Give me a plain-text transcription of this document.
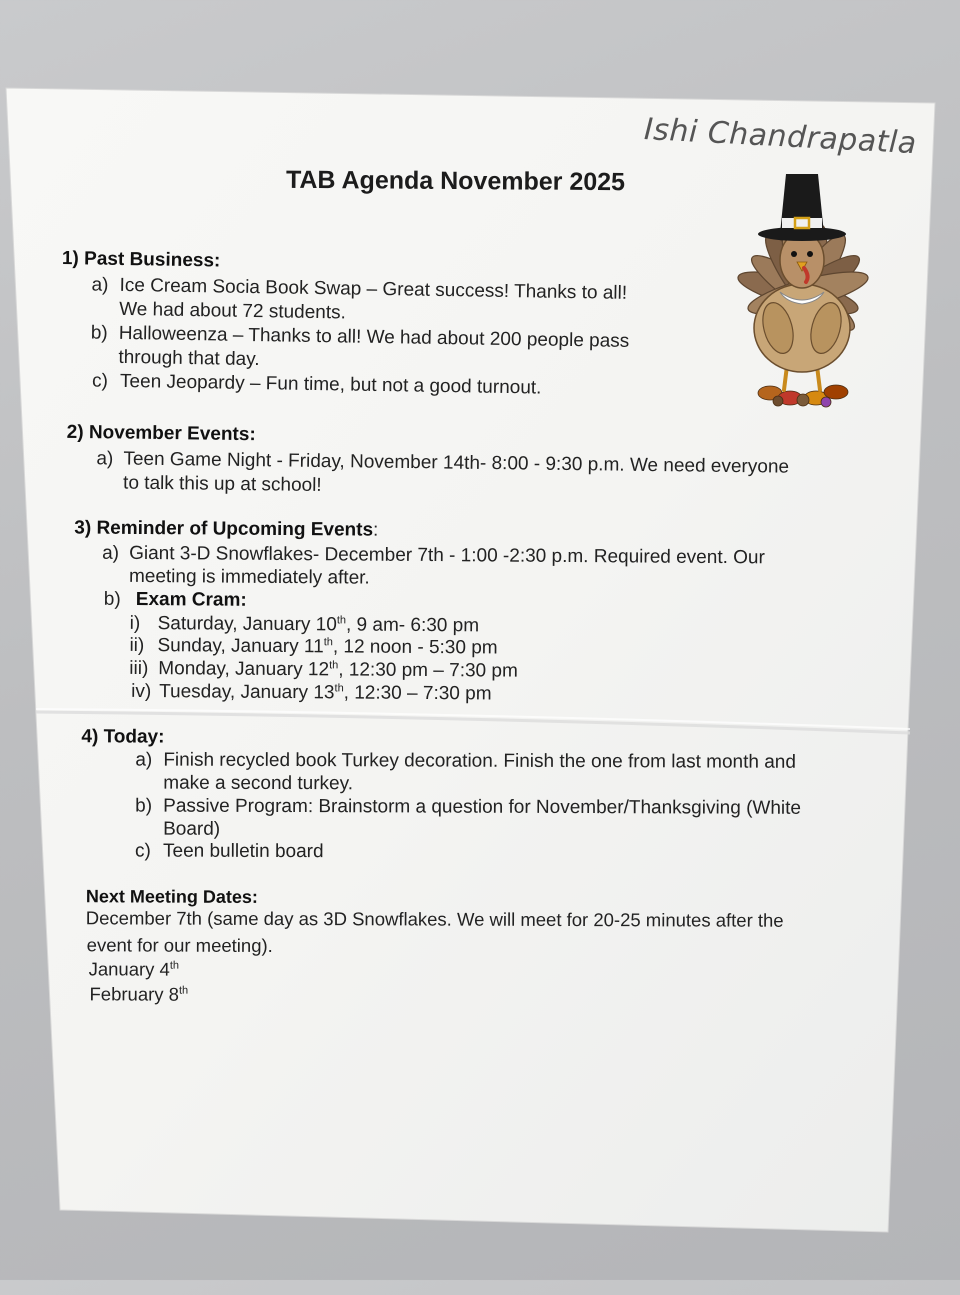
Ishi Chandrapatla
TAB Agenda November 2025
1) Past Business:
a) Ice Cream Socia Book Swap – Great success! Thanks to all!
We had about 72 students.
b) Halloweenza – Thanks to all! We had about 200 people pass
through that day.
c) Teen Jeopardy – Fun time, but not a good turnout.
2) November Events:
a) Teen Game Night - Friday, November 14th- 8:00 - 9:30 p.m. We need everyone
to talk this up at school!
3) Reminder of Upcoming Events:
a) Giant 3-D Snowflakes- December 7th - 1:00 -2:30 p.m. Required event. Our
meeting is immediately after.
b) Exam Cram:
i) Saturday, January 10th, 9 am- 6:30 pm
ii) Sunday, January 11th, 12 noon - 5:30 pm
iii) Monday, January 12th, 12:30 pm – 7:30 pm
iv) Tuesday, January 13th, 12:30 – 7:30 pm
4) Today:
a) Finish recycled book Turkey decoration. Finish the one from last month and
make a second turkey.
b) Passive Program: Brainstorm a question for November/Thanksgiving (White
Board)
c) Teen bulletin board
Next Meeting Dates:
December 7th (same day as 3D Snowflakes. We will meet for 20-25 minutes after the
event for our meeting).
January 4th
February 8th
